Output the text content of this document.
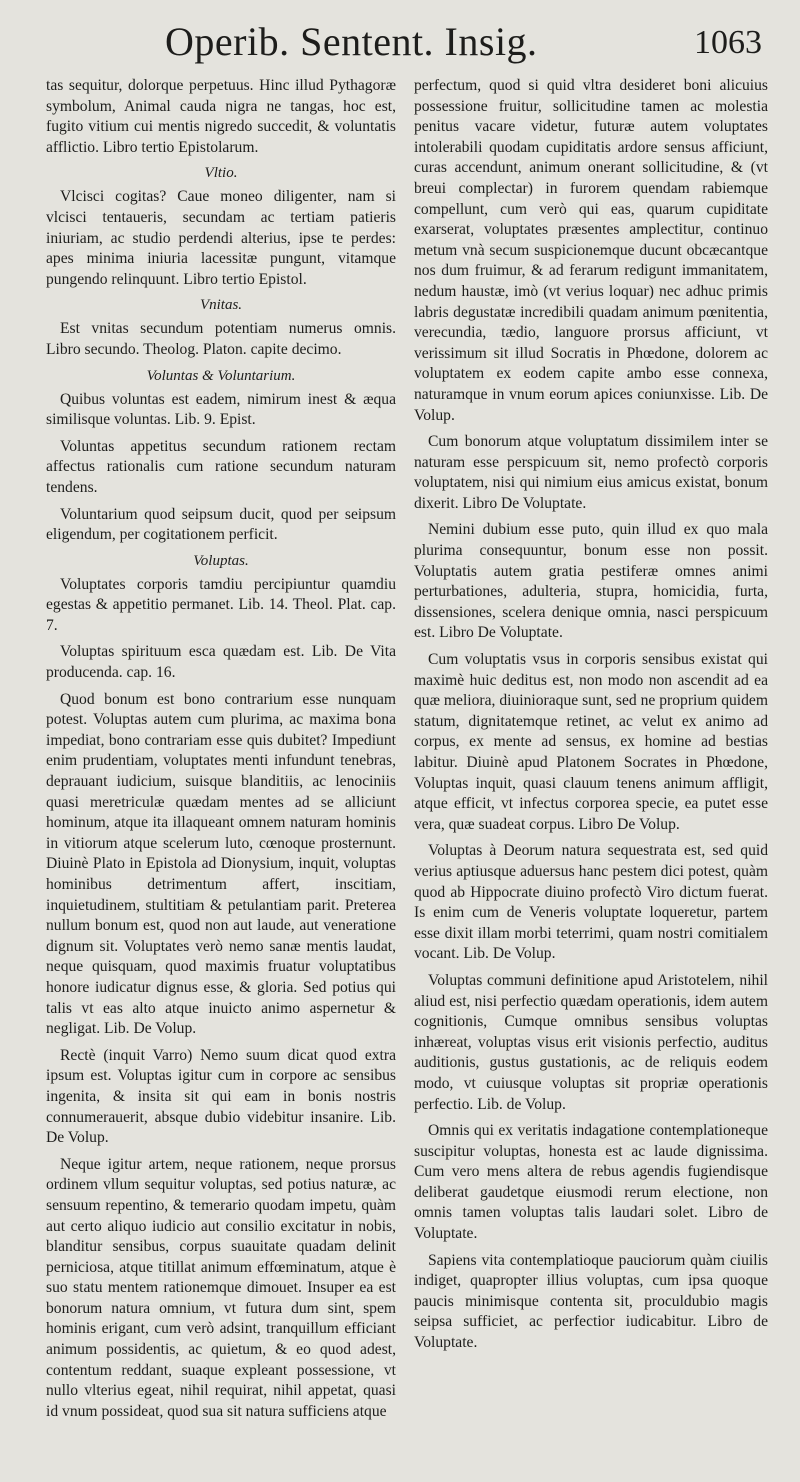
Operib. Sentent. Insig.	1063

tas sequitur, dolorque perpetuus. Hinc illud Pythagoræ symbolum, Animal cauda nigra ne tangas, hoc est, fugito vitium cui mentis nigredo succedit, & voluntatis afflictio. Libro tertio Epistolarum.

Vltio.

Vlcisci cogitas? Caue moneo diligenter, nam si vlcisci tentaueris, secundam ac tertiam patieris iniuriam, ac studio perdendi alterius, ipse te perdes: apes minima iniuria lacessitæ pungunt, vitamque pungendo relinquunt. Libro tertio Epistol.

Vnitas.

Est vnitas secundum potentiam numerus omnis. Libro secundo. Theolog. Platon. capite decimo.

Voluntas & Voluntarium.

Quibus voluntas est eadem, nimirum inest & æqua similisque voluntas. Lib. 9. Epist.

Voluntas appetitus secundum rationem rectam affectus rationalis cum ratione secundum naturam tendens.

Voluntarium quod seipsum ducit, quod per seipsum eligendum, per cogitationem perficit.

Voluptas.

Voluptates corporis tamdiu percipiuntur quamdiu egestas & appetitio permanet. Lib. 14. Theol. Plat. cap. 7.

Voluptas spirituum esca quædam est. Lib. De Vita producenda. cap. 16.

Quod bonum est bono contrarium esse nunquam potest. Voluptas autem cum plurima, ac maxima bona impediat, bono contrariam esse quis dubitet? Impediunt enim prudentiam, voluptates menti infundunt tenebras, deprauant iudicium, suisque blanditiis, ac lenociniis quasi meretriculæ quædam mentes ad se alliciunt hominum, atque ita illaqueant omnem naturam hominis in vitiorum atque scelerum luto, cœnoque prosternunt. Diuinè Plato in Epistola ad Dionysium, inquit, voluptas hominibus detrimentum affert, inscitiam, inquietudinem, stultitiam & petulantiam parit. Preterea nullum bonum est, quod non aut laude, aut veneratione dignum sit. Voluptates verò nemo sanæ mentis laudat, neque quisquam, quod maximis fruatur voluptatibus honore iudicatur dignus esse, & gloria. Sed potius qui talis vt eas alto atque inuicto animo aspernetur & negligat. Lib. De Volup.

Rectè (inquit Varro) Nemo suum dicat quod extra ipsum est. Voluptas igitur cum in corpore ac sensibus ingenita, & insita sit qui eam in bonis nostris connumerauerit, absque dubio videbitur insanire. Lib. De Volup.

Neque igitur artem, neque rationem, neque prorsus ordinem vllum sequitur voluptas, sed potius naturæ, ac sensuum repentino, & temerario quodam impetu, quàm aut certo aliquo iudicio aut consilio excitatur in nobis, blanditur sensibus, corpus suauitate quadam delinit perniciosa, atque titillat animum effœminatum, atque è suo statu mentem rationemque dimouet. Insuper ea est bonorum natura omnium, vt futura dum sint, spem hominis erigant, cum verò adsint, tranquillum efficiant animum possidentis, ac quietum, & eo quod adest, contentum reddant, suaque expleant possessione, vt nullo vlterius egeat, nihil requirat, nihil appetat, quasi id vnum possideat, quod sua sit natura sufficiens atque

perfectum, quod si quid vltra desideret boni alicuius possessione fruitur, sollicitudine tamen ac molestia penitus vacare videtur, futuræ autem voluptates intolerabili quodam cupiditatis ardore sensus afficiunt, curas accendunt, animum onerant sollicitudine, & (vt breui complectar) in furorem quendam rabiemque compellunt, cum verò qui eas, quarum cupiditate exarserat, voluptates præsentes amplectitur, continuo metum vnà secum suspicionemque ducunt obcæcantque nos dum fruimur, & ad ferarum redigunt immanitatem, nedum haustæ, imò (vt verius loquar) nec adhuc primis labris degustatæ incredibili quadam animum pœnitentia, verecundia, tædio, languore prorsus afficiunt, vt verissimum sit illud Socratis in Phœdone, dolorem ac voluptatem ex eodem capite ambo esse connexa, naturamque in vnum eorum apices coniunxisse. Lib. De Volup.

Cum bonorum atque voluptatum dissimilem inter se naturam esse perspicuum sit, nemo profectò corporis voluptatem, nisi qui nimium eius amicus existat, bonum dixerit. Libro De Voluptate.

Nemini dubium esse puto, quin illud ex quo mala plurima consequuntur, bonum esse non possit. Voluptatis autem gratia pestiferæ omnes animi perturbationes, adulteria, stupra, homicidia, furta, dissensiones, scelera denique omnia, nasci perspicuum est. Libro De Voluptate.

Cum voluptatis vsus in corporis sensibus existat qui maximè huic deditus est, non modo non ascendit ad ea quæ meliora, diuinioraque sunt, sed ne proprium quidem statum, dignitatemque retinet, ac velut ex animo ad corpus, ex mente ad sensus, ex homine ad bestias labitur. Diuinè apud Platonem Socrates in Phœdone, Voluptas inquit, quasi clauum tenens animum affligit, atque efficit, vt infectus corporea specie, ea putet esse vera, quæ suadeat corpus. Libro De Volup.

Voluptas à Deorum natura sequestrata est, sed quid verius aptiusque aduersus hanc pestem dici potest, quàm quod ab Hippocrate diuino profectò Viro dictum fuerat. Is enim cum de Veneris voluptate loqueretur, partem esse dixit illam morbi teterrimi, quam nostri comitialem vocant. Lib. De Volup.

Voluptas communi definitione apud Aristotelem, nihil aliud est, nisi perfectio quædam operationis, idem autem cognitionis, Cumque omnibus sensibus voluptas inhæreat, voluptas visus erit visionis perfectio, auditus auditionis, gustus gustationis, ac de reliquis eodem modo, vt cuiusque voluptas sit propriæ operationis perfectio. Lib. de Volup.

Omnis qui ex veritatis indagatione contemplationeque suscipitur voluptas, honesta est ac laude dignissima. Cum vero mens altera de rebus agendis fugiendisque deliberat gaudetque eiusmodi rerum electione, non omnis tamen voluptas talis laudari solet. Libro de Voluptate.

Sapiens vita contemplatioque pauciorum quàm ciuilis indiget, quapropter illius voluptas, cum ipsa quoque paucis minimisque contenta sit, proculdubio magis seipsa sufficiet, ac perfectior iudicabitur. Libro de Voluptate.
